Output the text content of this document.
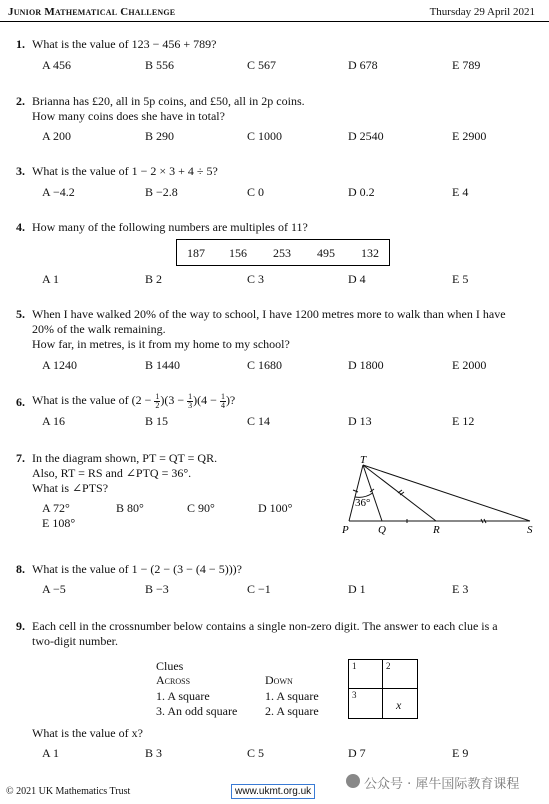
Junior Mathematical Challenge	Thursday 29 April 2021
1. What is the value of 123 − 456 + 789?
A 456	B 556	C 567	D 678	E 789
2. Brianna has £20, all in 5p coins, and £50, all in 2p coins.
How many coins does she have in total?
A 200	B 290	C 1000	D 2540	E 2900
3. What is the value of 1 − 2 × 3 + 4 ÷ 5?
A −4.2	B −2.8	C 0	D 0.2	E 4
4. How many of the following numbers are multiples of 11?
187 156 253 495 132
A 1	B 2	C 3	D 4	E 5
5. When I have walked 20% of the way to school, I have 1200 metres more to walk than when I have
20% of the walk remaining.
How far, in metres, is it from my home to my school?
A 1240	B 1440	C 1680	D 1800	E 2000
6. What is the value of $(2 - \frac{1}{2} )(3 - \frac{1}{3} )(4 - \frac{1}{4}$ )?
A 16	B 15	C 14	D 13	E 12
7. In the diagram shown, PT = QT = QR.
Also, RT = RS and ∠PTQ = 36°.
What is ∠PTS?
A 72°	B 80°	C 90°	D 100°
E 108°
T
P	Q	R	S
36°
8. What is the value of 1 − (2 − (3 − (4 − 5)))?
A −5	B −3	C −1	D 1	E 3
9. Each cell in the crossnumber below contains a single non-zero digit. The answer to each clue is a
two-digit number.
Clues
Across	Down
1. A square
3. An odd square
1. A square
2. A square
1	2
3
x
What is the value of x?
A 1	B 3	C 5	D 7	E 9
© 2021 UK Mathematics Trust	www.ukmt.org.uk	公众号 · 犀牛国际教育课程
